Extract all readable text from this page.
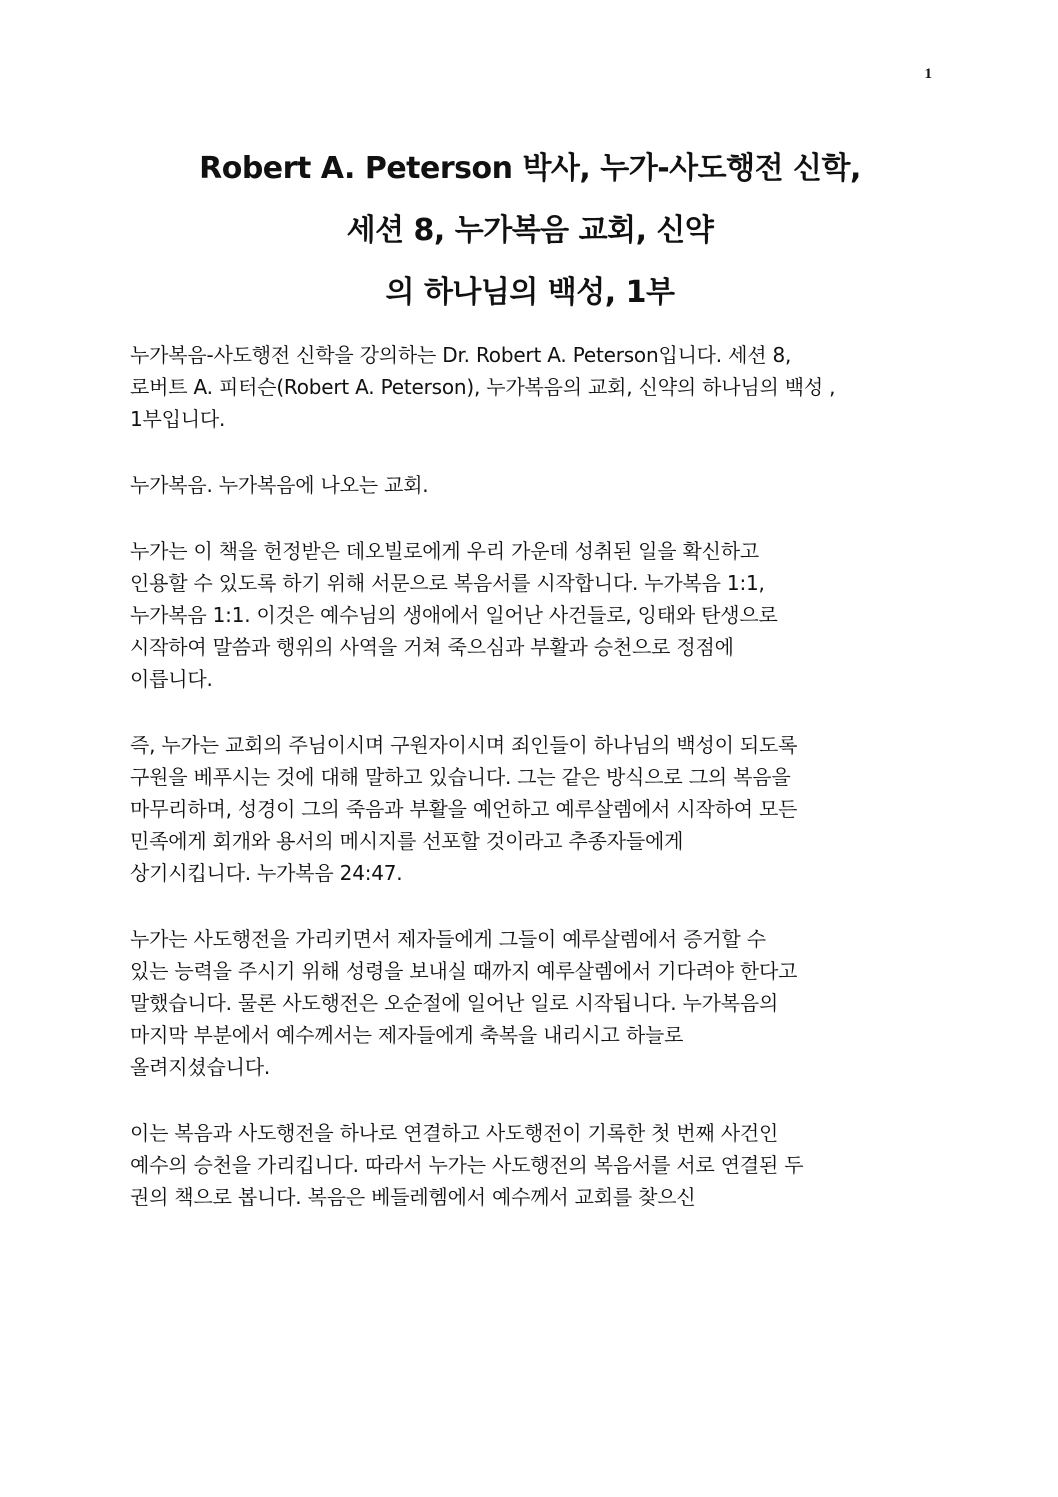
1
Robert A. Peterson 박사, 누가-사도행전 신학,
세션 8, 누가복음 교회, 신약
의 하나님의 백성, 1부

누가복음-사도행전 신학을 강의하는 Dr. Robert A. Peterson입니다. 세션 8,
로버트 A. 피터슨(Robert A. Peterson), 누가복음의 교회, 신약의 하나님의 백성 ,
1부입니다.

누가복음. 누가복음에 나오는 교회.

누가는 이 책을 헌정받은 데오빌로에게 우리 가운데 성취된 일을 확신하고
인용할 수 있도록 하기 위해 서문으로 복음서를 시작합니다. 누가복음 1:1,
누가복음 1:1. 이것은 예수님의 생애에서 일어난 사건들로, 잉태와 탄생으로
시작하여 말씀과 행위의 사역을 거쳐 죽으심과 부활과 승천으로 정점에
이릅니다.

즉, 누가는 교회의 주님이시며 구원자이시며 죄인들이 하나님의 백성이 되도록
구원을 베푸시는 것에 대해 말하고 있습니다. 그는 같은 방식으로 그의 복음을
마무리하며, 성경이 그의 죽음과 부활을 예언하고 예루살렘에서 시작하여 모든
민족에게 회개와 용서의 메시지를 선포할 것이라고 추종자들에게
상기시킵니다. 누가복음 24:47.

누가는 사도행전을 가리키면서 제자들에게 그들이 예루살렘에서 증거할 수
있는 능력을 주시기 위해 성령을 보내실 때까지 예루살렘에서 기다려야 한다고
말했습니다. 물론 사도행전은 오순절에 일어난 일로 시작됩니다. 누가복음의
마지막 부분에서 예수께서는 제자들에게 축복을 내리시고 하늘로
올려지셨습니다.

이는 복음과 사도행전을 하나로 연결하고 사도행전이 기록한 첫 번째 사건인
예수의 승천을 가리킵니다. 따라서 누가는 사도행전의 복음서를 서로 연결된 두
권의 책으로 봅니다. 복음은 베들레헴에서 예수께서 교회를 찾으신
